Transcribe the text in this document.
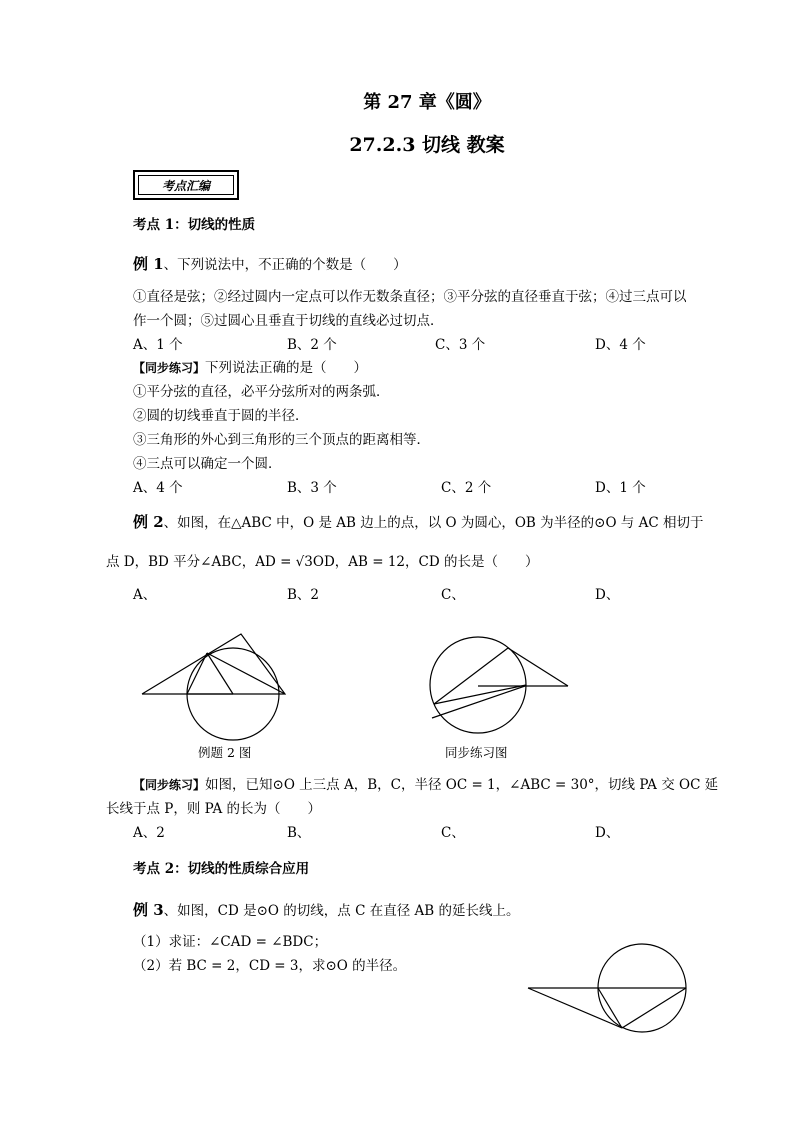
第 27 章《圆》
27.2.3 切线 教案
考点汇编
考点 1：切线的性质
例 1、下列说法中，不正确的个数是（　　）
①直径是弦；②经过圆内一定点可以作无数条直径；③平分弦的直径垂直于弦；④过三点可以
作一个圆；⑤过圆心且垂直于切线的直线必过切点．
A、1 个	B、2 个	C、3 个	D、4 个
【同步练习】下列说法正确的是（　　）
①平分弦的直径，必平分弦所对的两条弧．
②圆的切线垂直于圆的半径．
③三角形的外心到三角形的三个顶点的距离相等．
④三点可以确定一个圆．
A、4 个	B、3 个	C、2 个	D、1 个
例 2、如图，在△ABC 中，O 是 AB 边上的点，以 O 为圆心，OB 为半径的⊙O 与 AC 相切于
点 D，BD 平分∠ABC，AD = √3OD，AB = 12，CD 的长是（　　）
A、	B、2	C、	D、
例题 2 图	同步练习图
【同步练习】如图，已知⊙O 上三点 A，B，C，半径 OC = 1，∠ABC = 30°，切线 PA 交 OC 延
长线于点 P，则 PA 的长为（　　）
A、2	B、	C、	D、
考点 2：切线的性质综合应用
例 3、如图，CD 是⊙O 的切线，点 C 在直径 AB 的延长线上。
（1）求证：∠CAD = ∠BDC；
（2）若 BC = 2，CD = 3，求⊙O 的半径。
